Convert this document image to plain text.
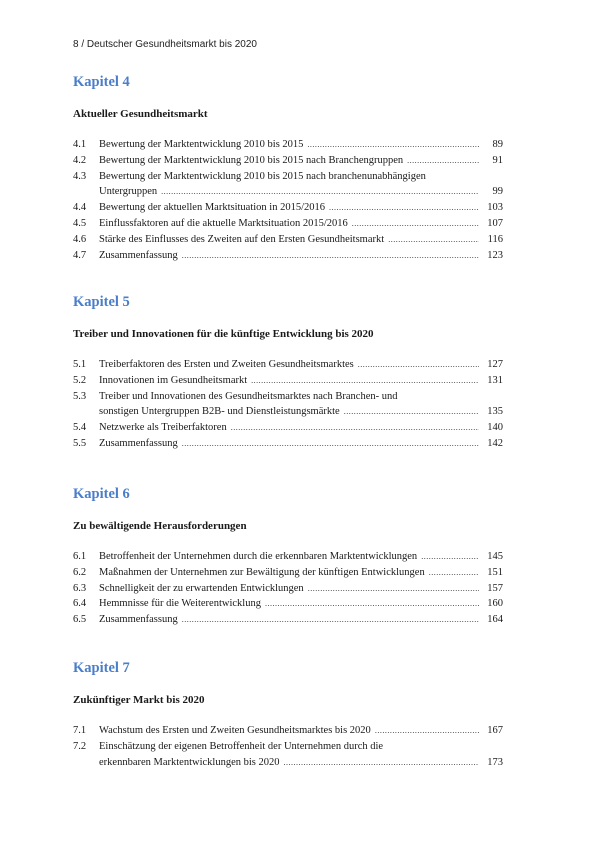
8 / Deutscher Gesundheitsmarkt bis 2020
Kapitel 4
Aktueller Gesundheitsmarkt
4.1	Bewertung der Marktentwicklung 2010 bis 2015 .....	89
4.2	Bewertung der Marktentwicklung 2010 bis 2015 nach Branchengruppen .....	91
4.3	Bewertung der Marktentwicklung 2010 bis 2015 nach branchenunabhängigen
Untergruppen .....	99
4.4	Bewertung der aktuellen Marktsituation in 2015/2016 .....	103
4.5	Einflussfaktoren auf die aktuelle Marktsituation 2015/2016 .....	107
4.6	Stärke des Einflusses des Zweiten auf den Ersten Gesundheitsmarkt .....	116
4.7	Zusammenfassung .....	123
Kapitel 5
Treiber und Innovationen für die künftige Entwicklung bis 2020
5.1	Treiberfaktoren des Ersten und Zweiten Gesundheitsmarktes .....	127
5.2	Innovationen im Gesundheitsmarkt .....	131
5.3	Treiber und Innovationen des Gesundheitsmarktes nach Branchen- und
sonstigen Untergruppen B2B- und Dienstleistungsmärkte .....	135
5.4	Netzwerke als Treiberfaktoren .....	140
5.5	Zusammenfassung .....	142
Kapitel 6
Zu bewältigende Herausforderungen
6.1	Betroffenheit der Unternehmen durch die erkennbaren Marktentwicklungen .....	145
6.2	Maßnahmen der Unternehmen zur Bewältigung der künftigen Entwicklungen .....	151
6.3	Schnelligkeit der zu erwartenden Entwicklungen .....	157
6.4	Hemmnisse für die Weiterentwicklung .....	160
6.5	Zusammenfassung .....	164
Kapitel 7
Zukünftiger Markt bis 2020
7.1	Wachstum des Ersten und Zweiten Gesundheitsmarktes bis 2020 .....	167
7.2	Einschätzung der eigenen Betroffenheit der Unternehmen durch die
erkennbaren Marktentwicklungen bis 2020 .....	173
